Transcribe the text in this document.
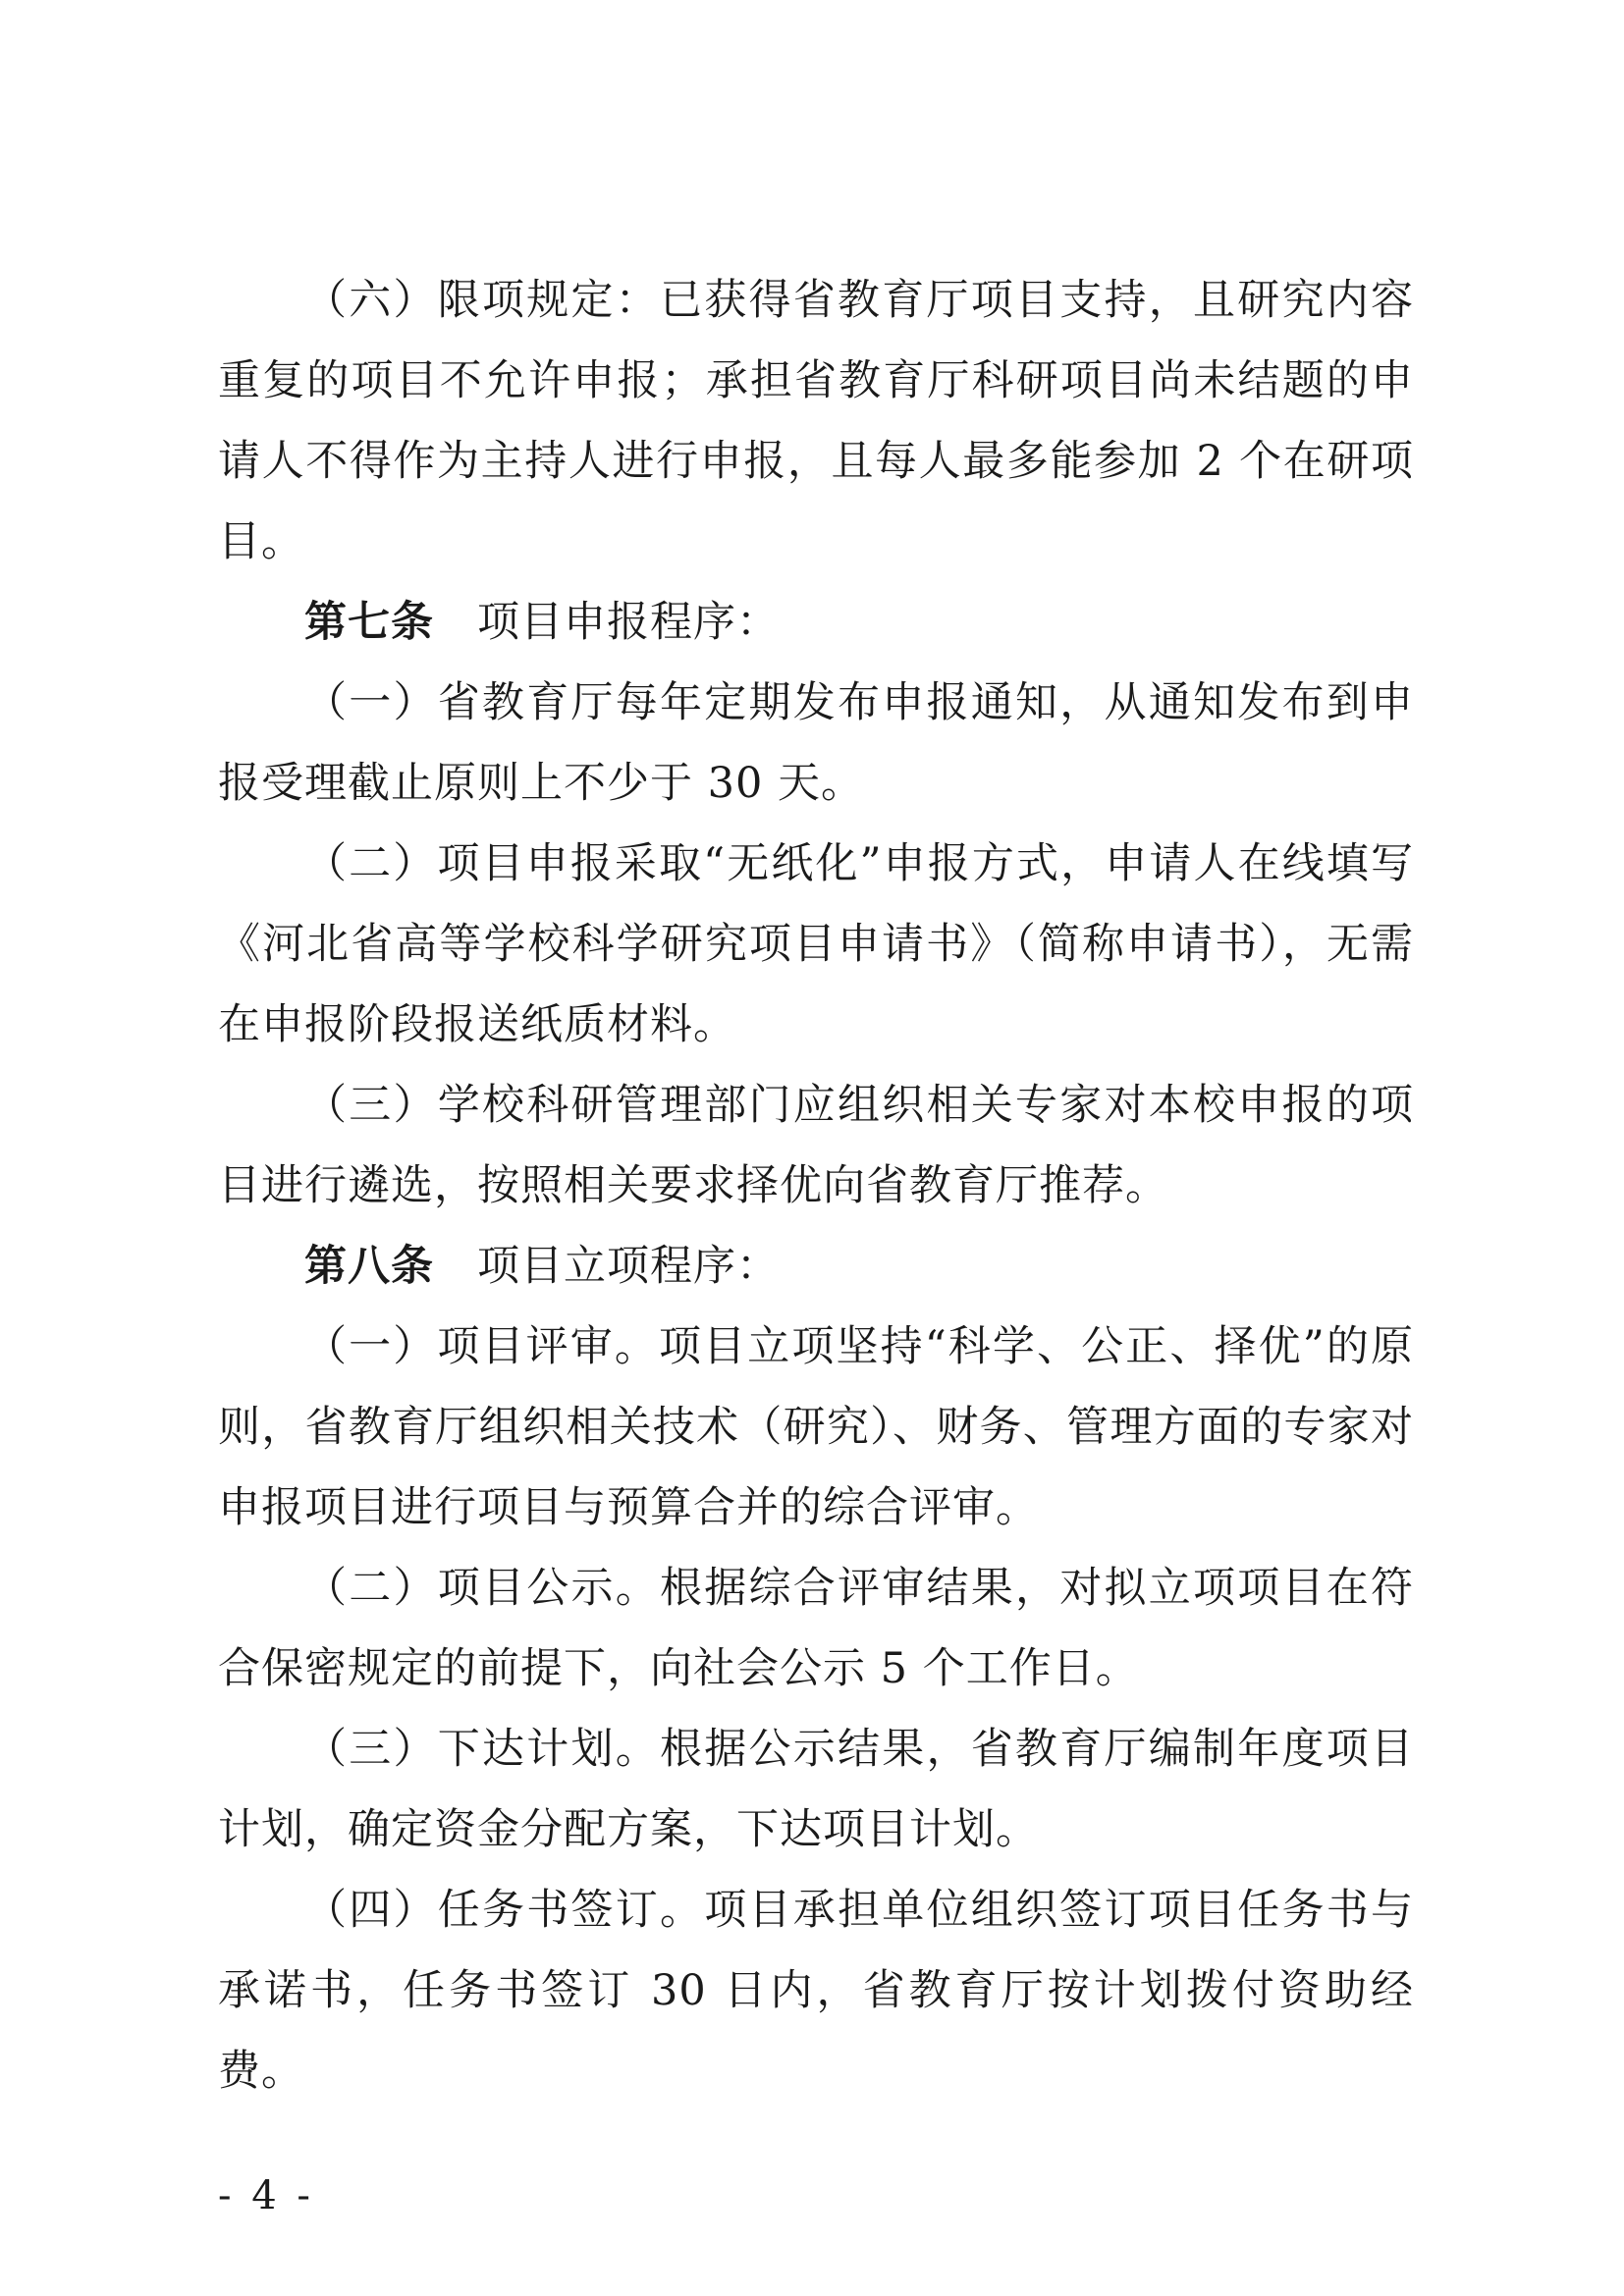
（六）限项规定：已获得省教育厅项目支持，且研究内容重复的项目不允许申报；承担省教育厅科研项目尚未结题的申请人不得作为主持人进行申报，且每人最多能参加 2 个在研项目。

第七条 项目申报程序：

（一）省教育厅每年定期发布申报通知，从通知发布到申报受理截止原则上不少于 30 天。

（二）项目申报采取“无纸化”申报方式，申请人在线填写《河北省高等学校科学研究项目申请书》（简称申请书），无需在申报阶段报送纸质材料。

（三）学校科研管理部门应组织相关专家对本校申报的项目进行遴选，按照相关要求择优向省教育厅推荐。

第八条 项目立项程序：

（一）项目评审。项目立项坚持“科学、公正、择优”的原则，省教育厅组织相关技术（研究）、财务、管理方面的专家对申报项目进行项目与预算合并的综合评审。

（二）项目公示。根据综合评审结果，对拟立项项目在符合保密规定的前提下，向社会公示 5 个工作日。

（三）下达计划。根据公示结果，省教育厅编制年度项目计划，确定资金分配方案，下达项目计划。

（四）任务书签订。项目承担单位组织签订项目任务书与承诺书，任务书签订 30 日内，省教育厅按计划拨付资助经费。

- 4 -
